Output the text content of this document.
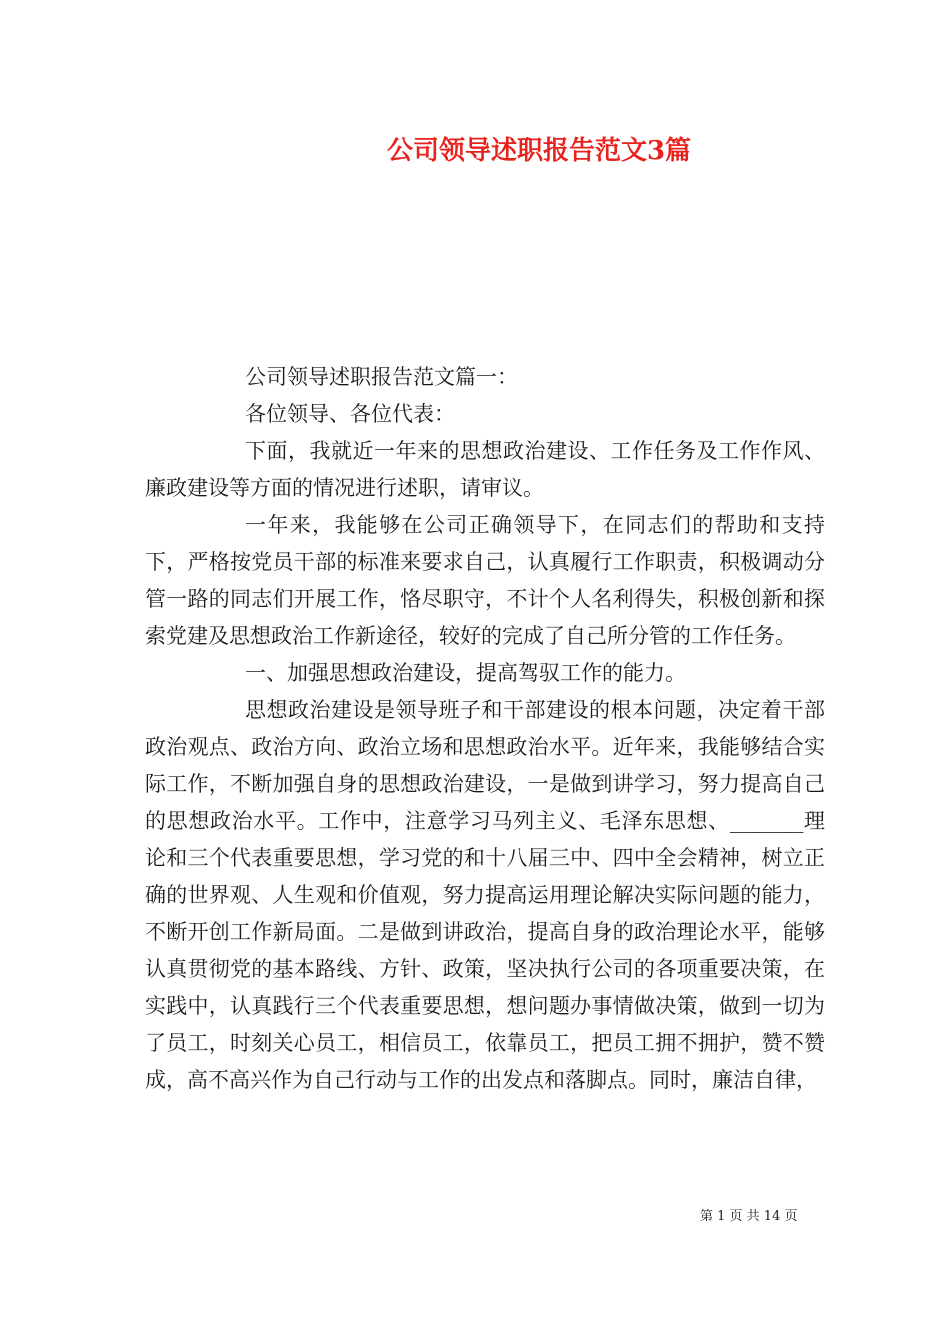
公司领导述职报告范文3篇

公司领导述职报告范文篇一：

各位领导、各位代表：

下面，我就近一年来的思想政治建设、工作任务及工作作风、廉政建设等方面的情况进行述职，请审议。

一年来，我能够在公司正确领导下，在同志们的帮助和支持下，严格按党员干部的标准来要求自己，认真履行工作职责，积极调动分管一路的同志们开展工作，恪尽职守，不计个人名利得失，积极创新和探索党建及思想政治工作新途径，较好的完成了自己所分管的工作任务。

一、加强思想政治建设，提高驾驭工作的能力。

思想政治建设是领导班子和干部建设的根本问题，决定着干部政治观点、政治方向、政治立场和思想政治水平。近年来，我能够结合实际工作，不断加强自身的思想政治建设，一是做到讲学习，努力提高自己的思想政治水平。工作中，注意学习马列主义、毛泽东思想、_______理论和三个代表重要思想，学习党的和十八届三中、四中全会精神，树立正确的世界观、人生观和价值观，努力提高运用理论解决实际问题的能力，不断开创工作新局面。二是做到讲政治，提高自身的政治理论水平，能够认真贯彻党的基本路线、方针、政策，坚决执行公司的各项重要决策，在实践中，认真践行三个代表重要思想，想问题办事情做决策，做到一切为了员工，时刻关心员工，相信员工，依靠员工，把员工拥不拥护，赞不赞成，高不高兴作为自己行动与工作的出发点和落脚点。同时，廉洁自律，

第 1 页 共 14 页
